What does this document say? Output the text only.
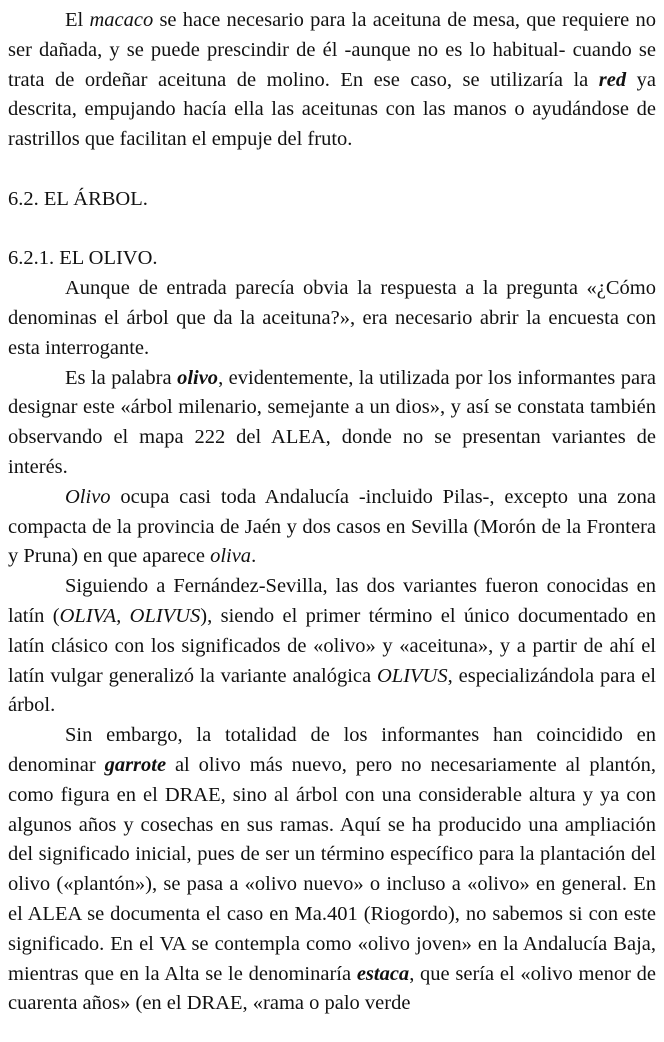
El macaco se hace necesario para la aceituna de mesa, que requiere no ser dañada, y se puede prescindir de él -aunque no es lo habitual- cuando se trata de ordeñar aceituna de molino. En ese caso, se utilizaría la red ya descrita, empujando hacía ella las aceitunas con las manos o ayudándose de rastrillos que facilitan el empuje del fruto.

6.2. EL ÁRBOL.

6.2.1. EL OLIVO.

Aunque de entrada parecía obvia la respuesta a la pregunta «¿Cómo denominas el árbol que da la aceituna?», era necesario abrir la encuesta con esta interrogante.

Es la palabra olivo, evidentemente, la utilizada por los informantes para designar este «árbol milenario, semejante a un dios», y así se constata también observando el mapa 222 del ALEA, donde no se presentan variantes de interés.

Olivo ocupa casi toda Andalucía -incluido Pilas-, excepto una zona compacta de la provincia de Jaén y dos casos en Sevilla (Morón de la Frontera y Pruna) en que aparece oliva.

Siguiendo a Fernández-Sevilla, las dos variantes fueron conocidas en latín (OLIVA, OLIVUS), siendo el primer término el único documentado en latín clásico con los significados de «olivo» y «aceituna», y a partir de ahí el latín vulgar generalizó la variante analógica OLIVUS, especializándola para el árbol.

Sin embargo, la totalidad de los informantes han coincidido en denominar garrote al olivo más nuevo, pero no necesariamente al plantón, como figura en el DRAE, sino al árbol con una considerable altura y ya con algunos años y cosechas en sus ramas. Aquí se ha producido una ampliación del significado inicial, pues de ser un término específico para la plantación del olivo («plantón»), se pasa a «olivo nuevo» o incluso a «olivo» en general. En el ALEA se documenta el caso en Ma.401 (Riogordo), no sabemos si con este significado. En el VA se contempla como «olivo joven» en la Andalucía Baja, mientras que en la Alta se le denominaría estaca, que sería el «olivo menor de cuarenta años» (en el DRAE, «rama o palo verde
